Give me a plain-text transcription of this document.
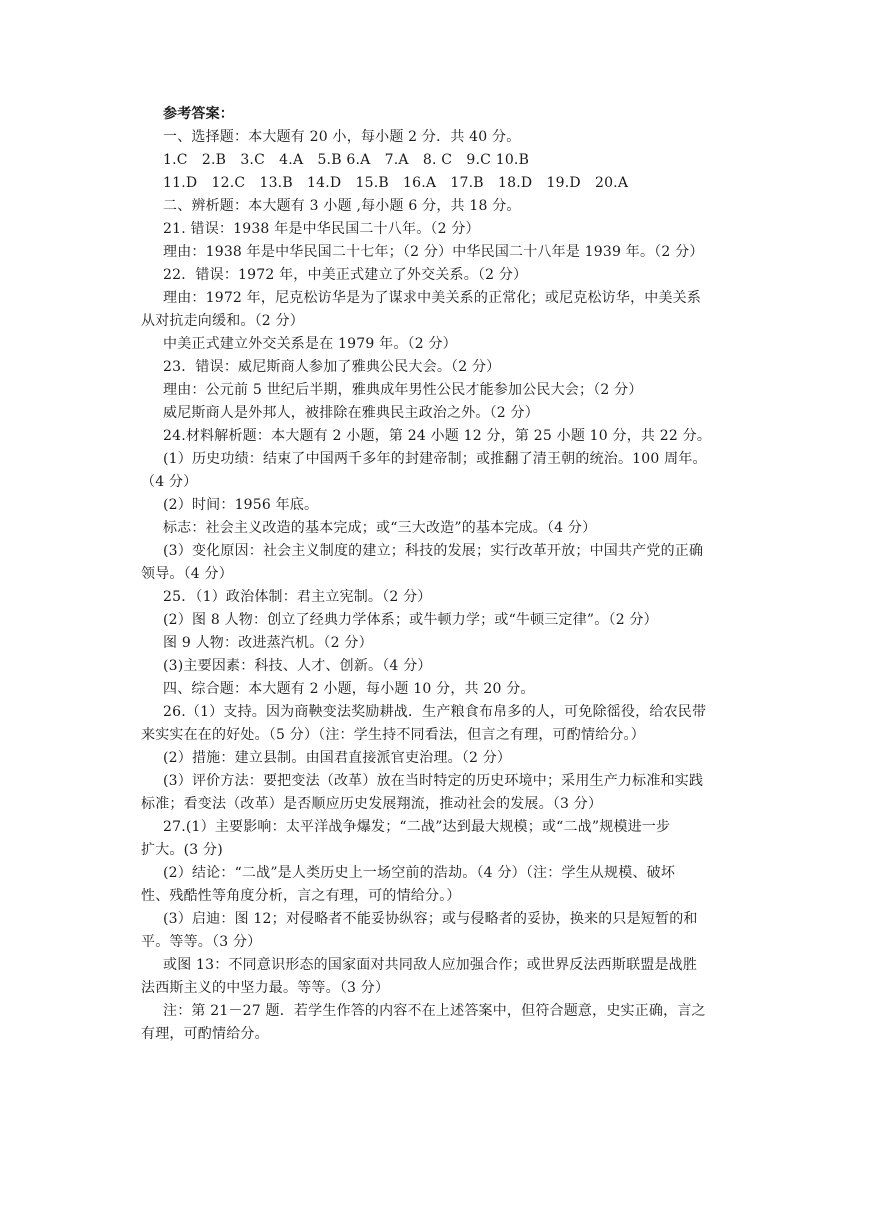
参考答案：
一、选择题：本大题有 20 小，每小题 2 分．共 40 分。
1.C　2.B　3.C　4.A　5.B 6.A　7.A　8. C　9.C 10.B
11.D　12.C　13.B　14.D　15.B　16.A　17.B　18.D　19.D　20.A
二、辨析题：本大题有 3 小题 ,每小题 6 分，共 18 分。
21. 错误：1938 年是中华民国二十八年。（2 分）
理由：1938 年是中华民国二十七年；（2 分）中华民国二十八年是 1939 年。（2 分）
22．错误：1972 年，中美正式建立了外交关系。（2 分）
理由：1972 年，尼克松访华是为了谋求中美关系的正常化；或尼克松访华，中美关系
从对抗走向缓和。（2 分）
中美正式建立外交关系是在 1979 年。（2 分）
23．错误：威尼斯商人参加了雅典公民大会。（2 分）
理由：公元前 5 世纪后半期，雅典成年男性公民才能参加公民大会；（2 分）
威尼斯商人是外邦人，被排除在雅典民主政治之外。（2 分）
24.材料解析题：本大题有 2 小题，第 24 小题 12 分，第 25 小题 10 分，共 22 分。
(1）历史功绩：结束了中国两千多年的封建帝制；或推翻了清王朝的统治。100 周年。
（4 分）
(2）时间：1956 年底。
标志：社会主义改造的基本完成；或“三大改造”的基本完成。（4 分）
(3）变化原因：社会主义制度的建立；科技的发展；实行改革开放；中国共产党的正确
领导。（4 分）
25．（1）政治体制：君主立宪制。（2 分）
(2）图 8 人物：创立了经典力学体系；或牛顿力学；或“牛顿三定律”。（2 分）
图 9 人物：改进蒸汽机。（2 分）
(3)主要因素：科技、人才、创新。（4 分）
四、综合题：本大题有 2 小题，每小题 10 分，共 20 分。
26.（1）支持。因为商鞅变法奖励耕战．生产粮食布帛多的人，可免除徭役，给农民带
来实实在在的好处。（5 分）（注：学生持不同看法，但言之有理，可酌情给分。）
(2）措施：建立县制。由国君直接派官吏治理。（2 分）
(3）评价方法：要把变法（改革）放在当时特定的历史环境中；采用生产力标准和实践
标准；看变法（改革）是否顺应历史发展翔流，推动社会的发展。（3 分）
27.(1）主要影响：太平洋战争爆发；“二战”达到最大规模；或“二战”规模进一步
扩大。(3 分)
(2）结论：“二战”是人类历史上一场空前的浩劫。（4 分）（注：学生从规模、破坏
性、残酷性等角度分析，言之有理，可的情给分。）
(3）启迪：图 12；对侵略者不能妥协纵容；或与侵略者的妥协，换来的只是短暂的和
平。等等。（3 分）
或图 13：不同意识形态的国家面对共同敌人应加强合作；或世界反法西斯联盟是战胜
法西斯主义的中坚力最。等等。（3 分）
注：第 21－27 题．若学生作答的内容不在上述答案中，但符合题意，史实正确，言之
有理，可酌情给分。
